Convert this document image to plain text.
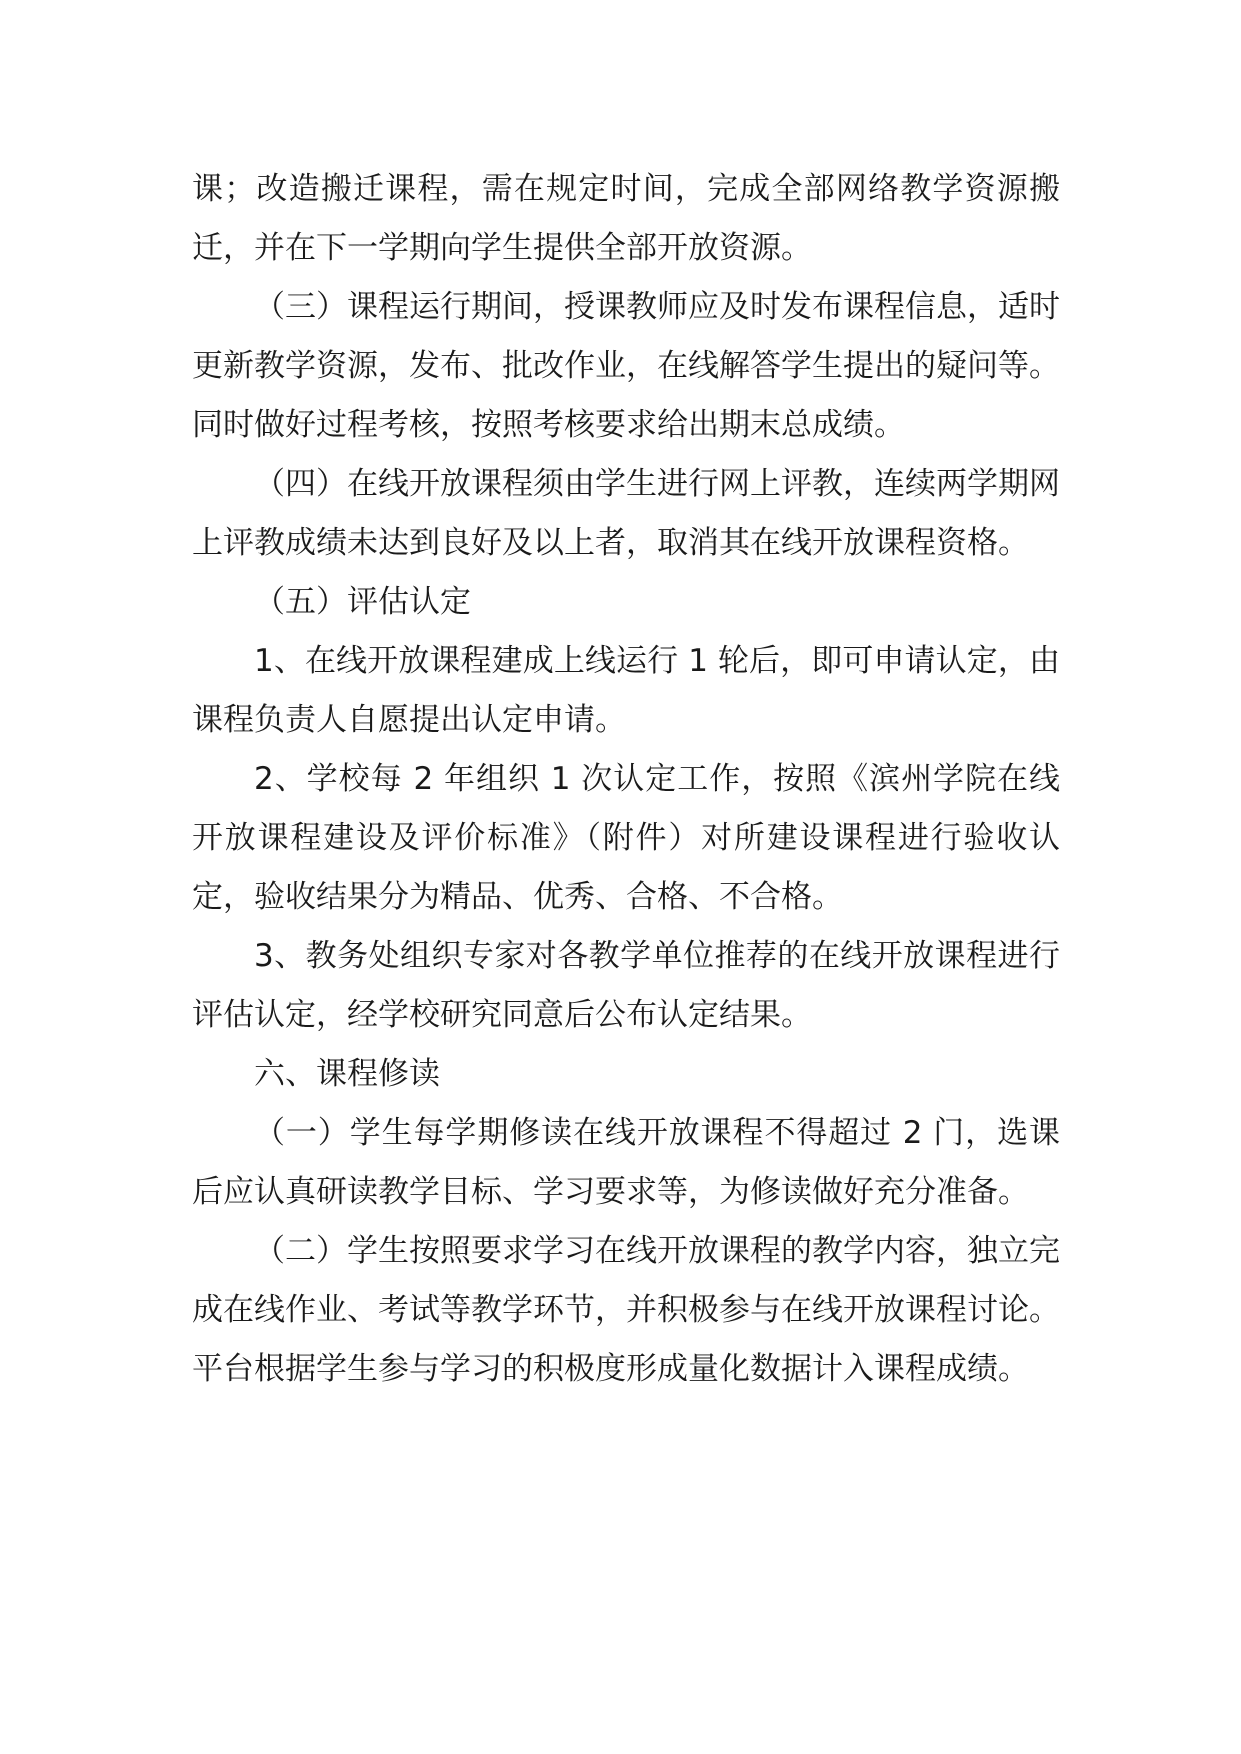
课；改造搬迁课程，需在规定时间，完成全部网络教学资源搬迁，并在下一学期向学生提供全部开放资源。

（三）课程运行期间，授课教师应及时发布课程信息，适时更新教学资源，发布、批改作业，在线解答学生提出的疑问等。同时做好过程考核，按照考核要求给出期末总成绩。

（四）在线开放课程须由学生进行网上评教，连续两学期网上评教成绩未达到良好及以上者，取消其在线开放课程资格。

（五）评估认定

1、在线开放课程建成上线运行 1 轮后，即可申请认定，由课程负责人自愿提出认定申请。

2、学校每 2 年组织 1 次认定工作，按照《滨州学院在线开放课程建设及评价标准》（附件）对所建设课程进行验收认定，验收结果分为精品、优秀、合格、不合格。

3、教务处组织专家对各教学单位推荐的在线开放课程进行评估认定，经学校研究同意后公布认定结果。

六、课程修读

（一）学生每学期修读在线开放课程不得超过 2 门，选课后应认真研读教学目标、学习要求等，为修读做好充分准备。

（二）学生按照要求学习在线开放课程的教学内容，独立完成在线作业、考试等教学环节，并积极参与在线开放课程讨论。平台根据学生参与学习的积极度形成量化数据计入课程成绩。
